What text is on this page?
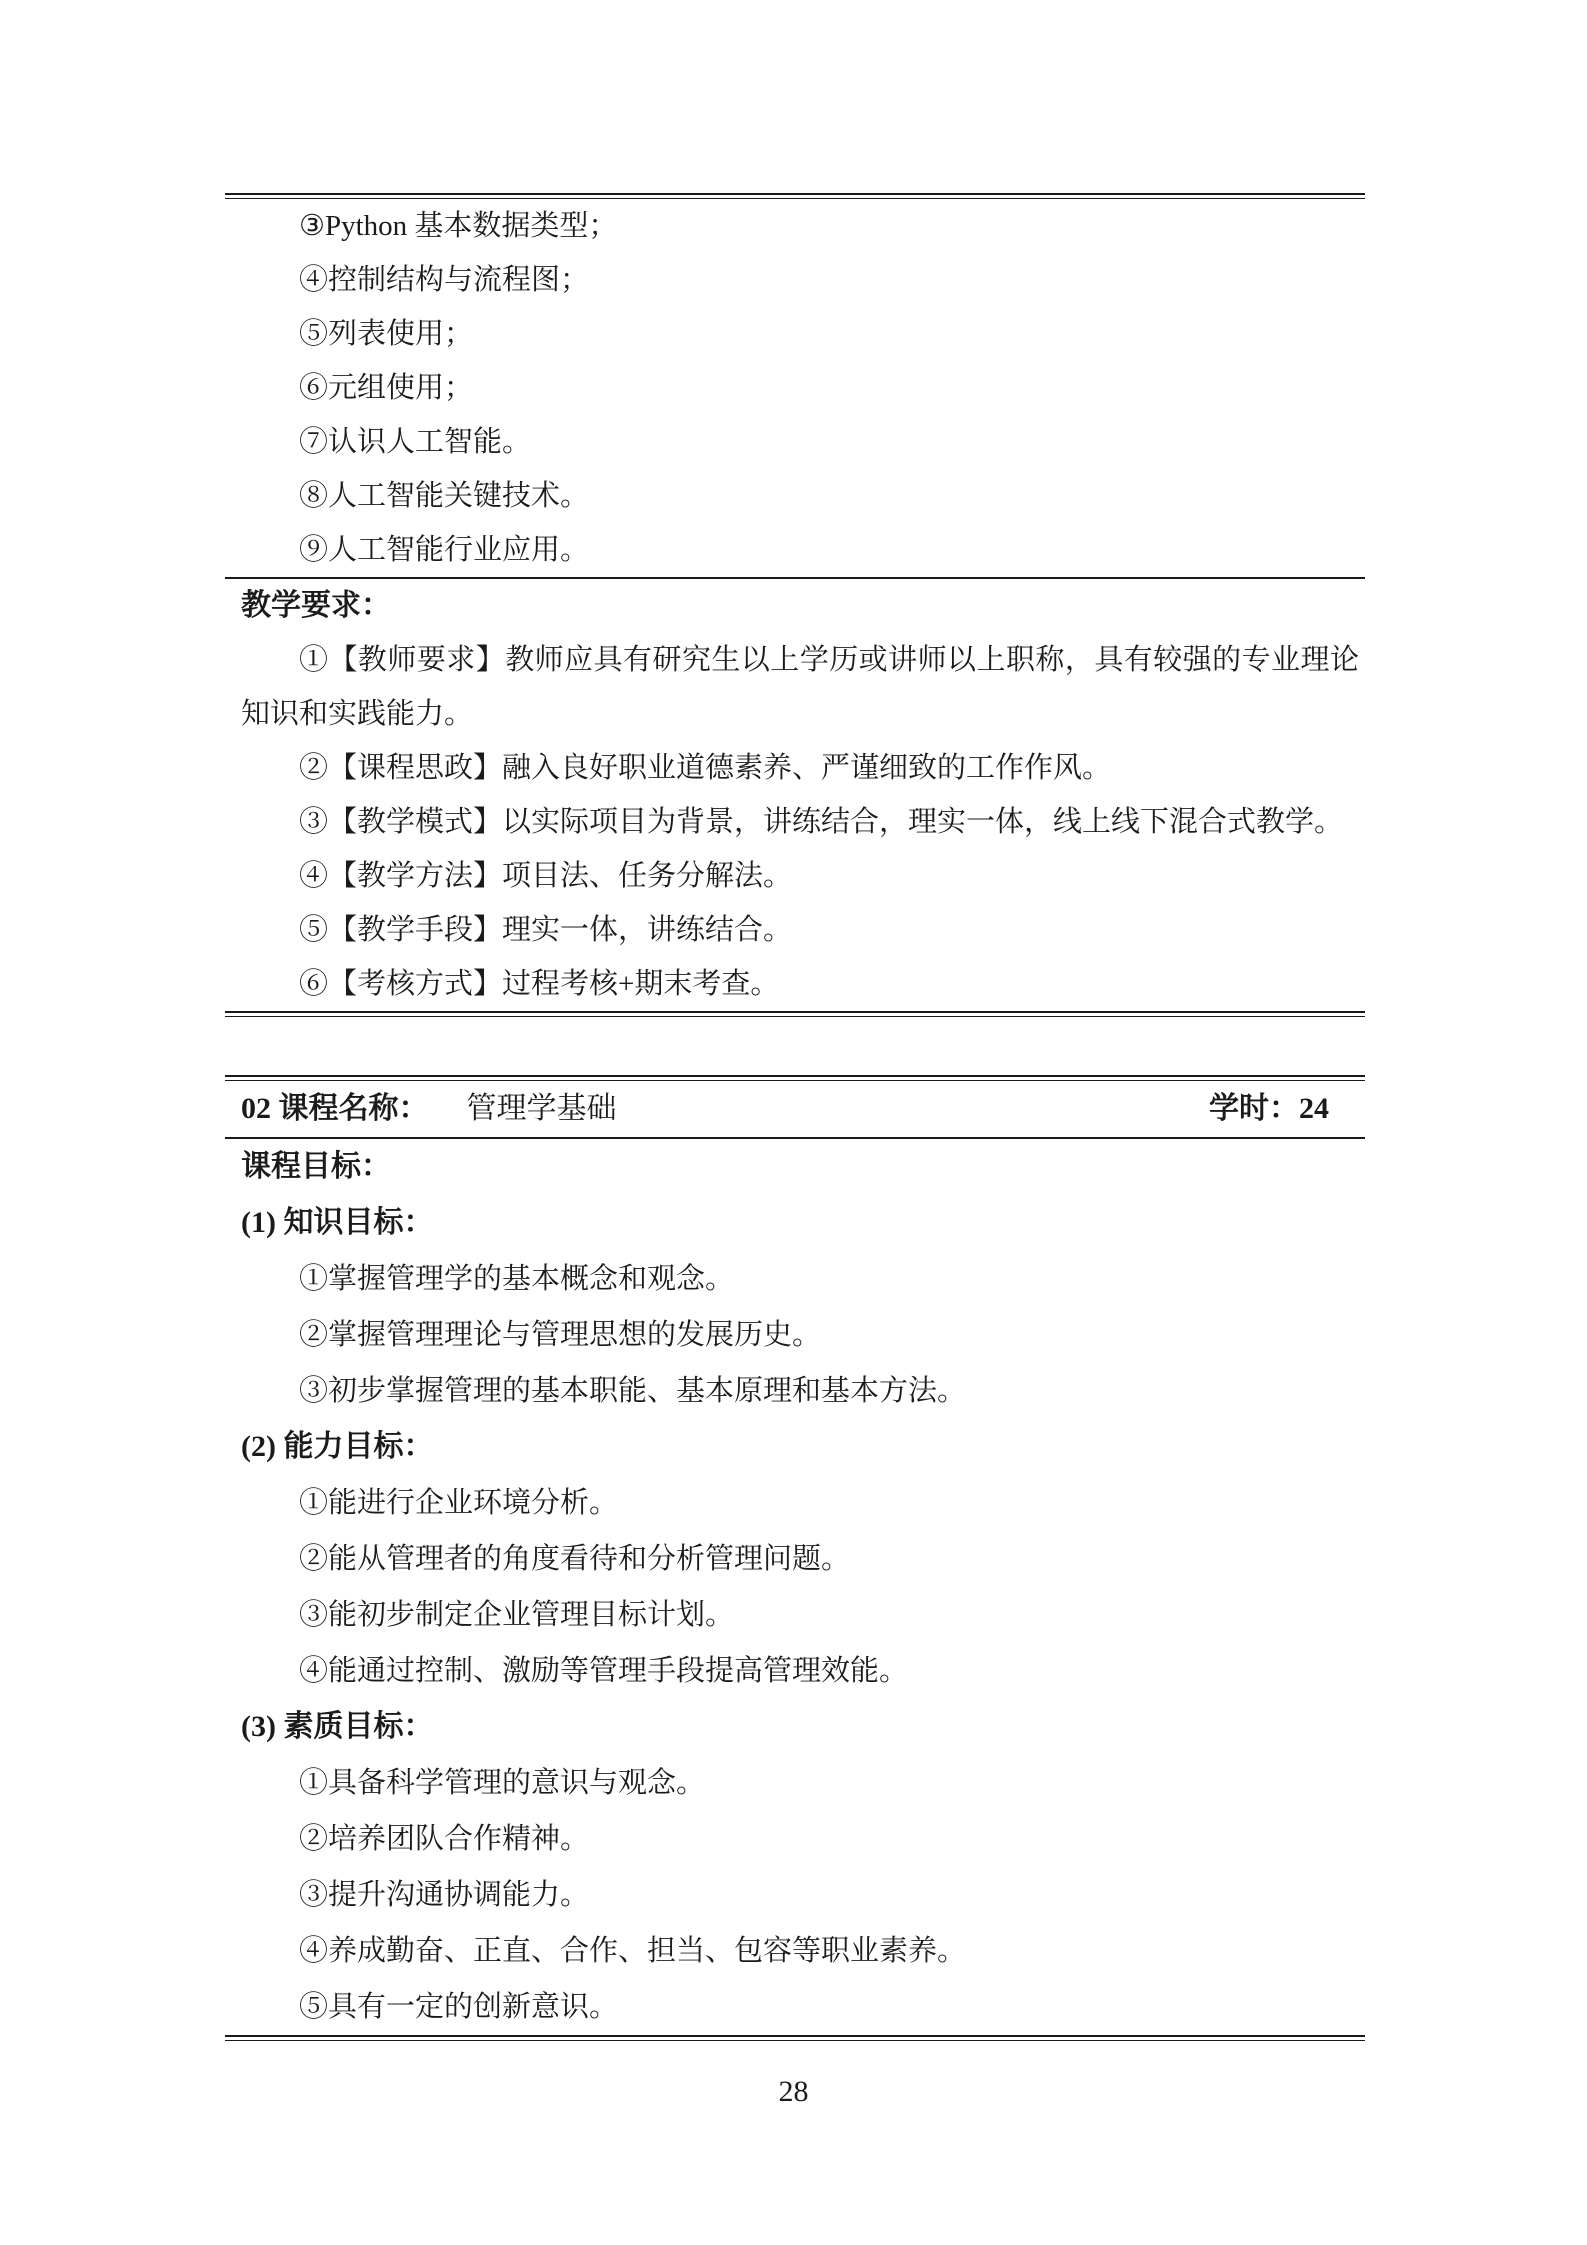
③Python 基本数据类型；
④控制结构与流程图；
⑤列表使用；
⑥元组使用；
⑦认识人工智能。
⑧人工智能关键技术。
⑨人工智能行业应用。
教学要求：
①【教师要求】教师应具有研究生以上学历或讲师以上职称，具有较强的专业理论知识和实践能力。
②【课程思政】融入良好职业道德素养、严谨细致的工作作风。
③【教学模式】以实际项目为背景，讲练结合，理实一体，线上线下混合式教学。
④【教学方法】项目法、任务分解法。
⑤【教学手段】理实一体，讲练结合。
⑥【考核方式】过程考核+期末考查。
02 课程名称： 管理学基础	学时：24
课程目标：
(1) 知识目标：
①掌握管理学的基本概念和观念。
②掌握管理理论与管理思想的发展历史。
③初步掌握管理的基本职能、基本原理和基本方法。
(2) 能力目标：
①能进行企业环境分析。
②能从管理者的角度看待和分析管理问题。
③能初步制定企业管理目标计划。
④能通过控制、激励等管理手段提高管理效能。
(3) 素质目标：
①具备科学管理的意识与观念。
②培养团队合作精神。
③提升沟通协调能力。
④养成勤奋、正直、合作、担当、包容等职业素养。
⑤具有一定的创新意识。
28
